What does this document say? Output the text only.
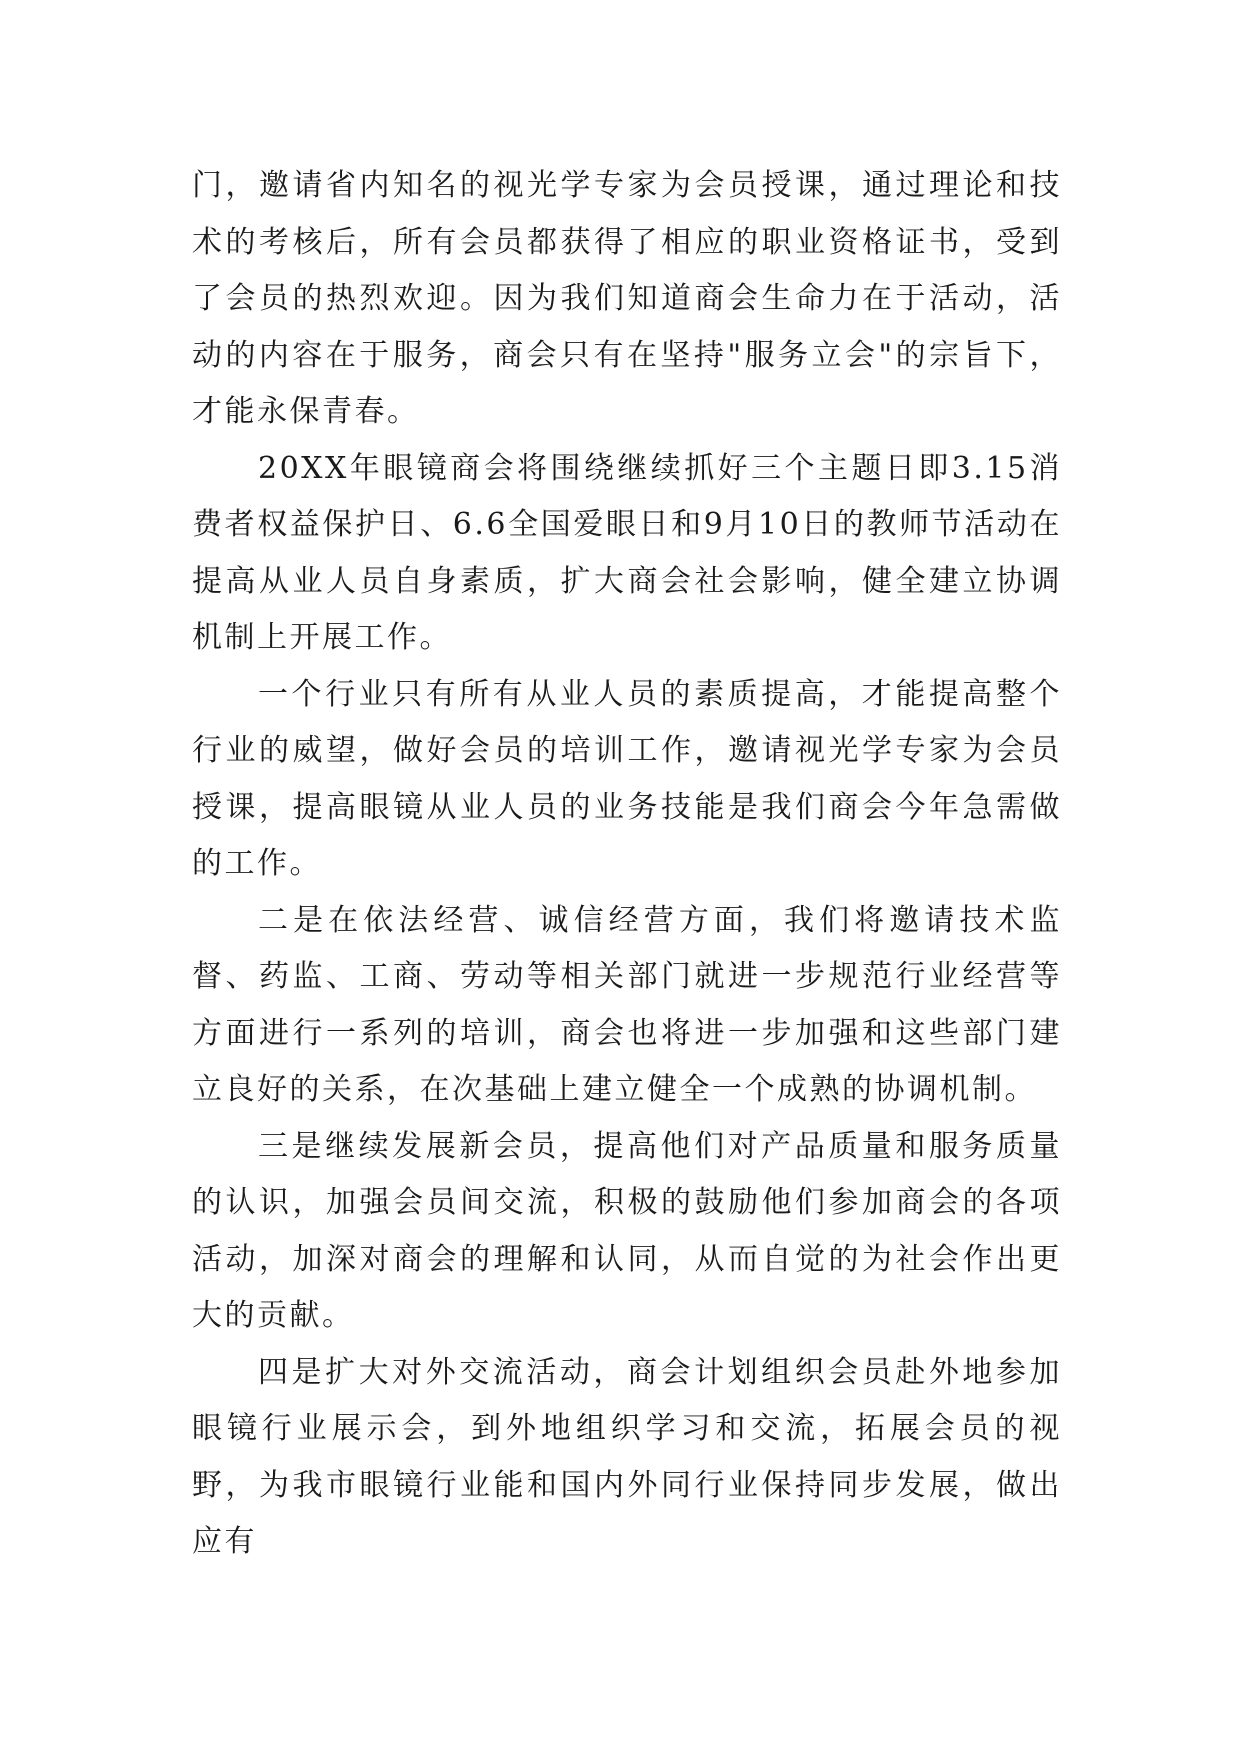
门，邀请省内知名的视光学专家为会员授课，通过理论和技术的考核后，所有会员都获得了相应的职业资格证书，受到了会员的热烈欢迎。因为我们知道商会生命力在于活动，活动的内容在于服务，商会只有在坚持"服务立会"的宗旨下，才能永保青春。

20XX年眼镜商会将围绕继续抓好三个主题日即3.15消费者权益保护日、6.6全国爱眼日和9月10日的教师节活动在提高从业人员自身素质，扩大商会社会影响，健全建立协调机制上开展工作。

一个行业只有所有从业人员的素质提高，才能提高整个行业的威望，做好会员的培训工作，邀请视光学专家为会员授课，提高眼镜从业人员的业务技能是我们商会今年急需做的工作。

二是在依法经营、诚信经营方面，我们将邀请技术监督、药监、工商、劳动等相关部门就进一步规范行业经营等方面进行一系列的培训，商会也将进一步加强和这些部门建立良好的关系，在次基础上建立健全一个成熟的协调机制。

三是继续发展新会员，提高他们对产品质量和服务质量的认识，加强会员间交流，积极的鼓励他们参加商会的各项活动，加深对商会的理解和认同，从而自觉的为社会作出更大的贡献。

四是扩大对外交流活动，商会计划组织会员赴外地参加眼镜行业展示会，到外地组织学习和交流，拓展会员的视野，为我市眼镜行业能和国内外同行业保持同步发展，做出应有
